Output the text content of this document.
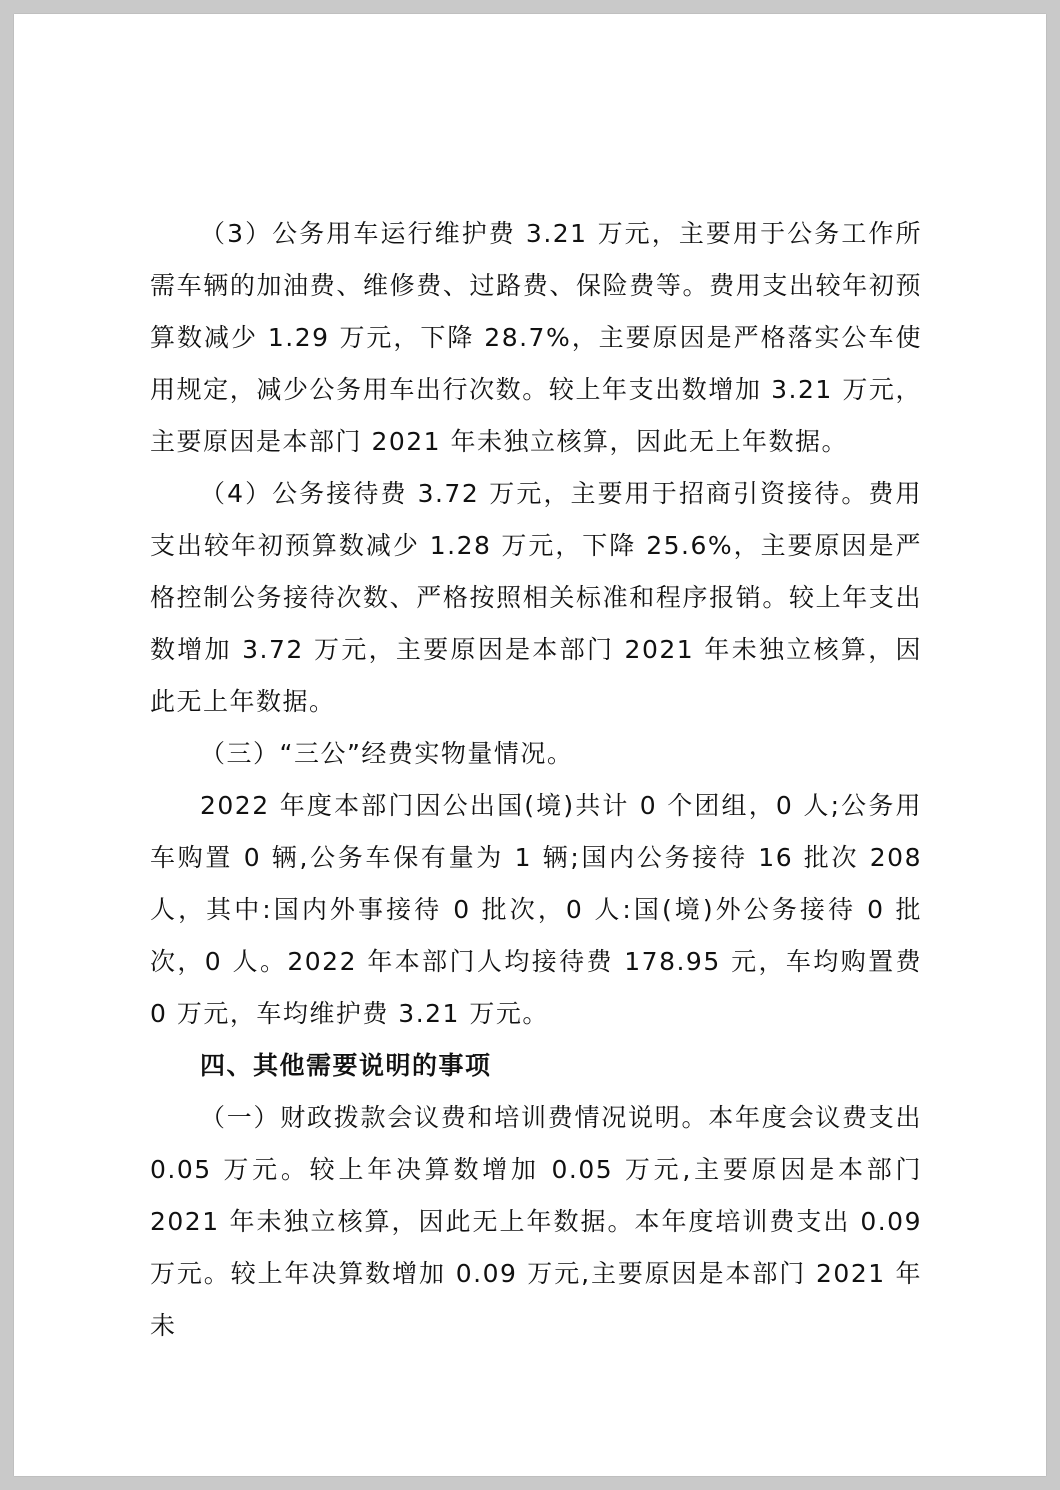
（3）公务用车运行维护费 3.21 万元，主要用于公务工作所需车辆的加油费、维修费、过路费、保险费等。费用支出较年初预算数减少 1.29 万元，下降 28.7%，主要原因是严格落实公车使用规定，减少公务用车出行次数。较上年支出数增加 3.21 万元，主要原因是本部门 2021 年未独立核算，因此无上年数据。

（4）公务接待费 3.72 万元，主要用于招商引资接待。费用支出较年初预算数减少 1.28 万元，下降 25.6%，主要原因是严格控制公务接待次数、严格按照相关标准和程序报销。较上年支出数增加 3.72 万元，主要原因是本部门 2021 年未独立核算，因此无上年数据。

（三）“三公”经费实物量情况。

2022 年度本部门因公出国(境)共计 0 个团组，0 人;公务用车购置 0 辆,公务车保有量为 1 辆;国内公务接待 16 批次 208 人，其中:国内外事接待 0 批次，0 人:国(境)外公务接待 0 批次，0 人。2022 年本部门人均接待费 178.95 元，车均购置费 0 万元，车均维护费 3.21 万元。

四、其他需要说明的事项

（一）财政拨款会议费和培训费情况说明。本年度会议费支出 0.05 万元。较上年决算数增加 0.05 万元,主要原因是本部门 2021 年未独立核算，因此无上年数据。本年度培训费支出 0.09 万元。较上年决算数增加 0.09 万元,主要原因是本部门 2021 年未
